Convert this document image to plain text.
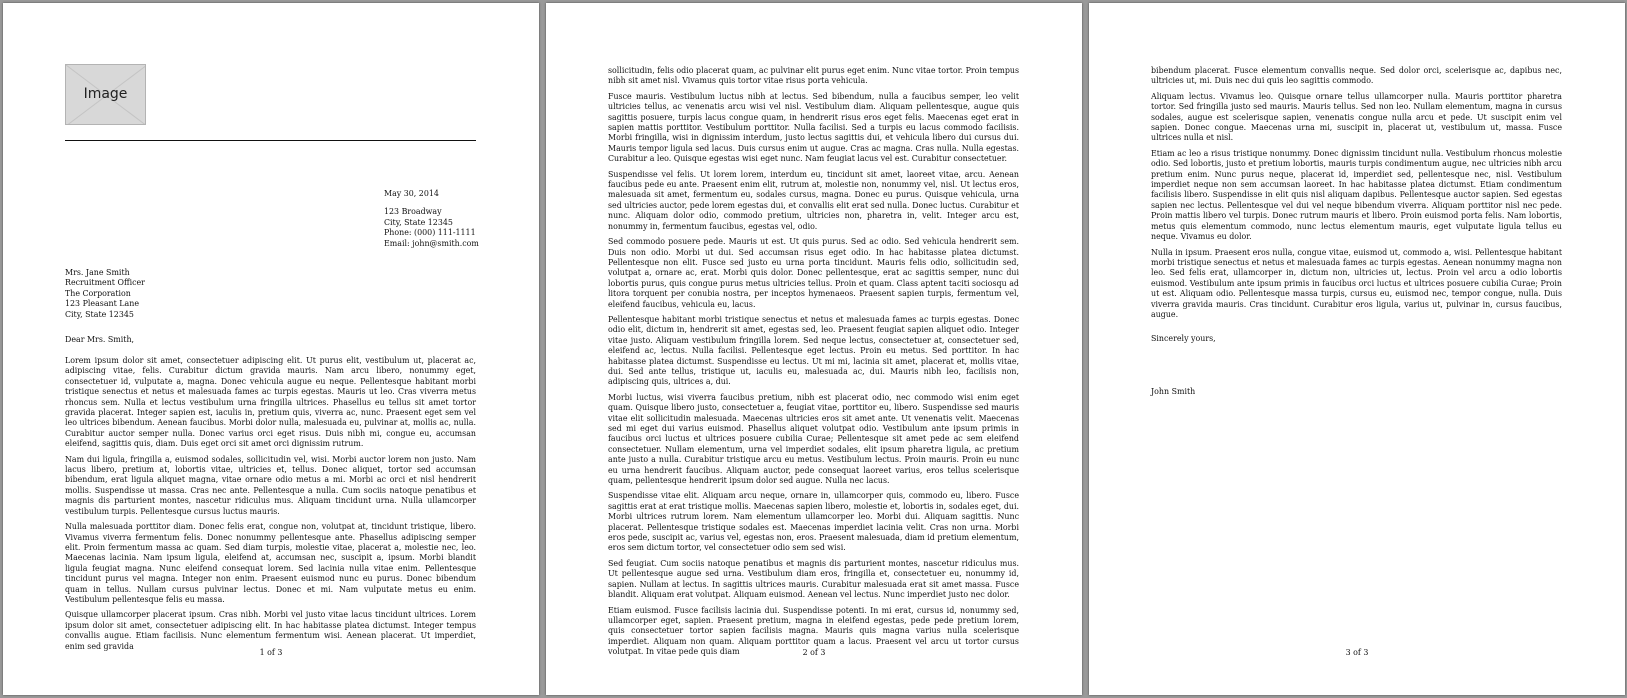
Image
May 30, 2014
123 Broadway
City, State 12345
Phone: (000) 111-1111
Email: john@smith.com
Mrs. Jane Smith
Recruitment Officer
The Corporation
123 Pleasant Lane
City, State 12345
Dear Mrs. Smith,

Lorem ipsum dolor sit amet, consectetuer adipiscing elit. Ut purus elit, vestibulum ut, placerat ac, adipiscing vitae, felis. Curabitur dictum gravida mauris. Nam arcu libero, nonummy eget, consectetuer id, vulputate a, magna. Donec vehicula augue eu neque. Pellentesque habitant morbi tristique senectus et netus et malesuada fames ac turpis egestas. Mauris ut leo. Cras viverra metus rhoncus sem. Nulla et lectus vestibulum urna fringilla ultrices. Phasellus eu tellus sit amet tortor gravida placerat. Integer sapien est, iaculis in, pretium quis, viverra ac, nunc. Praesent eget sem vel leo ultrices bibendum. Aenean faucibus. Morbi dolor nulla, malesuada eu, pulvinar at, mollis ac, nulla. Curabitur auctor semper nulla. Donec varius orci eget risus. Duis nibh mi, congue eu, accumsan eleifend, sagittis quis, diam. Duis eget orci sit amet orci dignissim rutrum.

Nam dui ligula, fringilla a, euismod sodales, sollicitudin vel, wisi. Morbi auctor lorem non justo. Nam lacus libero, pretium at, lobortis vitae, ultricies et, tellus. Donec aliquet, tortor sed accumsan bibendum, erat ligula aliquet magna, vitae ornare odio metus a mi. Morbi ac orci et nisl hendrerit mollis. Suspendisse ut massa. Cras nec ante. Pellentesque a nulla. Cum sociis natoque penatibus et magnis dis parturient montes, nascetur ridiculus mus. Aliquam tincidunt urna. Nulla ullamcorper vestibulum turpis. Pellentesque cursus luctus mauris.

Nulla malesuada porttitor diam. Donec felis erat, congue non, volutpat at, tincidunt tristique, libero. Vivamus viverra fermentum felis. Donec nonummy pellentesque ante. Phasellus adipiscing semper elit. Proin fermentum massa ac quam. Sed diam turpis, molestie vitae, placerat a, molestie nec, leo. Maecenas lacinia. Nam ipsum ligula, eleifend at, accumsan nec, suscipit a, ipsum. Morbi blandit ligula feugiat magna. Nunc eleifend consequat lorem. Sed lacinia nulla vitae enim. Pellentesque tincidunt purus vel magna. Integer non enim. Praesent euismod nunc eu purus. Donec bibendum quam in tellus. Nullam cursus pulvinar lectus. Donec et mi. Nam vulputate metus eu enim. Vestibulum pellentesque felis eu massa.

Quisque ullamcorper placerat ipsum. Cras nibh. Morbi vel justo vitae lacus tincidunt ultrices. Lorem ipsum dolor sit amet, consectetuer adipiscing elit. In hac habitasse platea dictumst. Integer tempus convallis augue. Etiam facilisis. Nunc elementum fermentum wisi. Aenean placerat. Ut imperdiet, enim sed gravida

1 of 3

sollicitudin, felis odio placerat quam, ac pulvinar elit purus eget enim. Nunc vitae tortor. Proin tempus nibh sit amet nisl. Vivamus quis tortor vitae risus porta vehicula.

Fusce mauris. Vestibulum luctus nibh at lectus. Sed bibendum, nulla a faucibus semper, leo velit ultricies tellus, ac venenatis arcu wisi vel nisl. Vestibulum diam. Aliquam pellentesque, augue quis sagittis posuere, turpis lacus congue quam, in hendrerit risus eros eget felis. Maecenas eget erat in sapien mattis porttitor. Vestibulum porttitor. Nulla facilisi. Sed a turpis eu lacus commodo facilisis. Morbi fringilla, wisi in dignissim interdum, justo lectus sagittis dui, et vehicula libero dui cursus dui. Mauris tempor ligula sed lacus. Duis cursus enim ut augue. Cras ac magna. Cras nulla. Nulla egestas. Curabitur a leo. Quisque egestas wisi eget nunc. Nam feugiat lacus vel est. Curabitur consectetuer.

Suspendisse vel felis. Ut lorem lorem, interdum eu, tincidunt sit amet, laoreet vitae, arcu. Aenean faucibus pede eu ante. Praesent enim elit, rutrum at, molestie non, nonummy vel, nisl. Ut lectus eros, malesuada sit amet, fermentum eu, sodales cursus, magna. Donec eu purus. Quisque vehicula, urna sed ultricies auctor, pede lorem egestas dui, et convallis elit erat sed nulla. Donec luctus. Curabitur et nunc. Aliquam dolor odio, commodo pretium, ultricies non, pharetra in, velit. Integer arcu est, nonummy in, fermentum faucibus, egestas vel, odio.

Sed commodo posuere pede. Mauris ut est. Ut quis purus. Sed ac odio. Sed vehicula hendrerit sem. Duis non odio. Morbi ut dui. Sed accumsan risus eget odio. In hac habitasse platea dictumst. Pellentesque non elit. Fusce sed justo eu urna porta tincidunt. Mauris felis odio, sollicitudin sed, volutpat a, ornare ac, erat. Morbi quis dolor. Donec pellentesque, erat ac sagittis semper, nunc dui lobortis purus, quis congue purus metus ultricies tellus. Proin et quam. Class aptent taciti sociosqu ad litora torquent per conubia nostra, per inceptos hymenaeos. Praesent sapien turpis, fermentum vel, eleifend faucibus, vehicula eu, lacus.

Pellentesque habitant morbi tristique senectus et netus et malesuada fames ac turpis egestas. Donec odio elit, dictum in, hendrerit sit amet, egestas sed, leo. Praesent feugiat sapien aliquet odio. Integer vitae justo. Aliquam vestibulum fringilla lorem. Sed neque lectus, consectetuer at, consectetuer sed, eleifend ac, lectus. Nulla facilisi. Pellentesque eget lectus. Proin eu metus. Sed porttitor. In hac habitasse platea dictumst. Suspendisse eu lectus. Ut mi mi, lacinia sit amet, placerat et, mollis vitae, dui. Sed ante tellus, tristique ut, iaculis eu, malesuada ac, dui. Mauris nibh leo, facilisis non, adipiscing quis, ultrices a, dui.

Morbi luctus, wisi viverra faucibus pretium, nibh est placerat odio, nec commodo wisi enim eget quam. Quisque libero justo, consectetuer a, feugiat vitae, porttitor eu, libero. Suspendisse sed mauris vitae elit sollicitudin malesuada. Maecenas ultricies eros sit amet ante. Ut venenatis velit. Maecenas sed mi eget dui varius euismod. Phasellus aliquet volutpat odio. Vestibulum ante ipsum primis in faucibus orci luctus et ultrices posuere cubilia Curae; Pellentesque sit amet pede ac sem eleifend consectetuer. Nullam elementum, urna vel imperdiet sodales, elit ipsum pharetra ligula, ac pretium ante justo a nulla. Curabitur tristique arcu eu metus. Vestibulum lectus. Proin mauris. Proin eu nunc eu urna hendrerit faucibus. Aliquam auctor, pede consequat laoreet varius, eros tellus scelerisque quam, pellentesque hendrerit ipsum dolor sed augue. Nulla nec lacus.

Suspendisse vitae elit. Aliquam arcu neque, ornare in, ullamcorper quis, commodo eu, libero. Fusce sagittis erat at erat tristique mollis. Maecenas sapien libero, molestie et, lobortis in, sodales eget, dui. Morbi ultrices rutrum lorem. Nam elementum ullamcorper leo. Morbi dui. Aliquam sagittis. Nunc placerat. Pellentesque tristique sodales est. Maecenas imperdiet lacinia velit. Cras non urna. Morbi eros pede, suscipit ac, varius vel, egestas non, eros. Praesent malesuada, diam id pretium elementum, eros sem dictum tortor, vel consectetuer odio sem sed wisi.

Sed feugiat. Cum sociis natoque penatibus et magnis dis parturient montes, nascetur ridiculus mus. Ut pellentesque augue sed urna. Vestibulum diam eros, fringilla et, consectetuer eu, nonummy id, sapien. Nullam at lectus. In sagittis ultrices mauris. Curabitur malesuada erat sit amet massa. Fusce blandit. Aliquam erat volutpat. Aliquam euismod. Aenean vel lectus. Nunc imperdiet justo nec dolor.

Etiam euismod. Fusce facilisis lacinia dui. Suspendisse potenti. In mi erat, cursus id, nonummy sed, ullamcorper eget, sapien. Praesent pretium, magna in eleifend egestas, pede pede pretium lorem, quis consectetuer tortor sapien facilisis magna. Mauris quis magna varius nulla scelerisque imperdiet. Aliquam non quam. Aliquam porttitor quam a lacus. Praesent vel arcu ut tortor cursus volutpat. In vitae pede quis diam	2 of 3

bibendum placerat. Fusce elementum convallis neque. Sed dolor orci, scelerisque ac, dapibus nec, ultricies ut, mi. Duis nec dui quis leo sagittis commodo.

Aliquam lectus. Vivamus leo. Quisque ornare tellus ullamcorper nulla. Mauris porttitor pharetra tortor. Sed fringilla justo sed mauris. Mauris tellus. Sed non leo. Nullam elementum, magna in cursus sodales, augue est scelerisque sapien, venenatis congue nulla arcu et pede. Ut suscipit enim vel sapien. Donec congue. Maecenas urna mi, suscipit in, placerat ut, vestibulum ut, massa. Fusce ultrices nulla et nisl.

Etiam ac leo a risus tristique nonummy. Donec dignissim tincidunt nulla. Vestibulum rhoncus molestie odio. Sed lobortis, justo et pretium lobortis, mauris turpis condimentum augue, nec ultricies nibh arcu pretium enim. Nunc purus neque, placerat id, imperdiet sed, pellentesque nec, nisl. Vestibulum imperdiet neque non sem accumsan laoreet. In hac habitasse platea dictumst. Etiam condimentum facilisis libero. Suspendisse in elit quis nisl aliquam dapibus. Pellentesque auctor sapien. Sed egestas sapien nec lectus. Pellentesque vel dui vel neque bibendum viverra. Aliquam porttitor nisl nec pede. Proin mattis libero vel turpis. Donec rutrum mauris et libero. Proin euismod porta felis. Nam lobortis, metus quis elementum commodo, nunc lectus elementum mauris, eget vulputate ligula tellus eu neque. Vivamus eu dolor.

Nulla in ipsum. Praesent eros nulla, congue vitae, euismod ut, commodo a, wisi. Pellentesque habitant morbi tristique senectus et netus et malesuada fames ac turpis egestas. Aenean nonummy magna non leo. Sed felis erat, ullamcorper in, dictum non, ultricies ut, lectus. Proin vel arcu a odio lobortis euismod. Vestibulum ante ipsum primis in faucibus orci luctus et ultrices posuere cubilia Curae; Proin ut est. Aliquam odio. Pellentesque massa turpis, cursus eu, euismod nec, tempor congue, nulla. Duis viverra gravida mauris. Cras tincidunt. Curabitur eros ligula, varius ut, pulvinar in, cursus faucibus, augue.

Sincerely yours,
John Smith
3 of 3
